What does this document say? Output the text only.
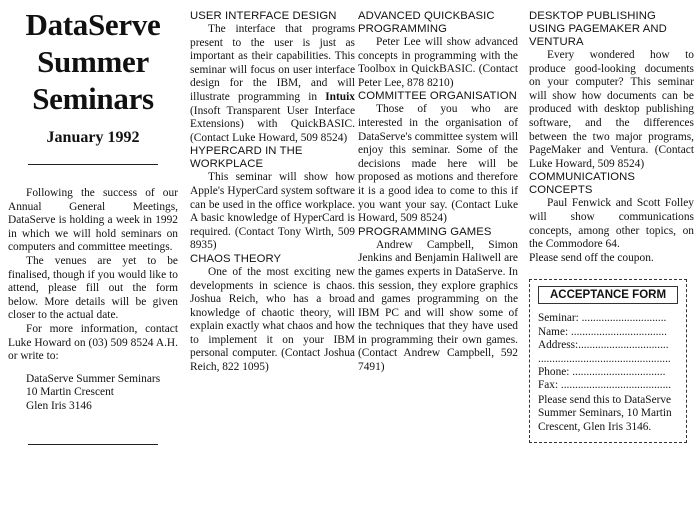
DataServe

Summer

Seminars

January 1992

Following the success of our Annual General Meetings, DataServe is holding a week in 1992 in which we will hold seminars on computers and committee meetings.

The venues are yet to be finalised, though if you would like to attend, please fill out the form below. More details will be given closer to the actual date.

For more information, contact Luke Howard on (03) 509 8524 A.H. or write to:

DataServe Summer Seminars
10 Martin Crescent
Glen Iris 3146

USER INTERFACE DESIGN

The interface that programs present to the user is just as important as their capabilities. This seminar will focus on user interface design for the IBM, and will illustrate programming in Intuix (Insoft Transparent User Interface Extensions) with QuickBASIC. (Contact Luke Howard, 509 8524)

HYPERCARD IN THE WORKPLACE

This seminar will show how Apple's HyperCard system software can be used in the office workplace. A basic knowledge of HyperCard is required. (Contact Tony Wirth, 509 8935)

CHAOS THEORY

One of the most exciting new developments in science is chaos. Joshua Reich, who has a broad knowledge of chaotic theory, will explain exactly what chaos and how to implement it on your IBM personal computer. (Contact Joshua Reich, 822 1095)

ADVANCED QUICKBASIC PROGRAMMING

Peter Lee will show advanced concepts in programming with the Toolbox in QuickBASIC. (Contact Peter Lee, 878 8210)

COMMITTEE ORGANISATION

Those of you who are interested in the organisation of DataServe's committee system will enjoy this seminar. Some of the decisions made here will be proposed as motions and therefore it is a good idea to come to this if you want your say. (Contact Luke Howard, 509 8524)

PROGRAMMING GAMES

Andrew Campbell, Simon Jenkins and Benjamin Haliwell are the games experts in DataServe. In this session, they explore graphics and games programming on the IBM PC and will show some of the techniques that they have used in programming their own games. (Contact Andrew Campbell, 592 7491)

DESKTOP PUBLISHING USING PAGEMAKER AND VENTURA

Every wondered how to produce good-looking documents on your computer? This seminar will show how documents can be produced with desktop publishing software, and the differences between the two major programs, PageMaker and Ventura. (Contact Luke Howard, 509 8524)

COMMUNICATIONS CONCEPTS

Paul Fenwick and Scott Folley will show communications concepts, among other topics, on the Commodore 64.

Please send off the coupon.

ACCEPTANCE FORM
Seminar: ..............................
Name: ..................................
Address:................................
...............................................
Phone: .................................
Fax: .......................................
Please send this to DataServe Summer Seminars, 10 Martin Crescent, Glen Iris 3146.
